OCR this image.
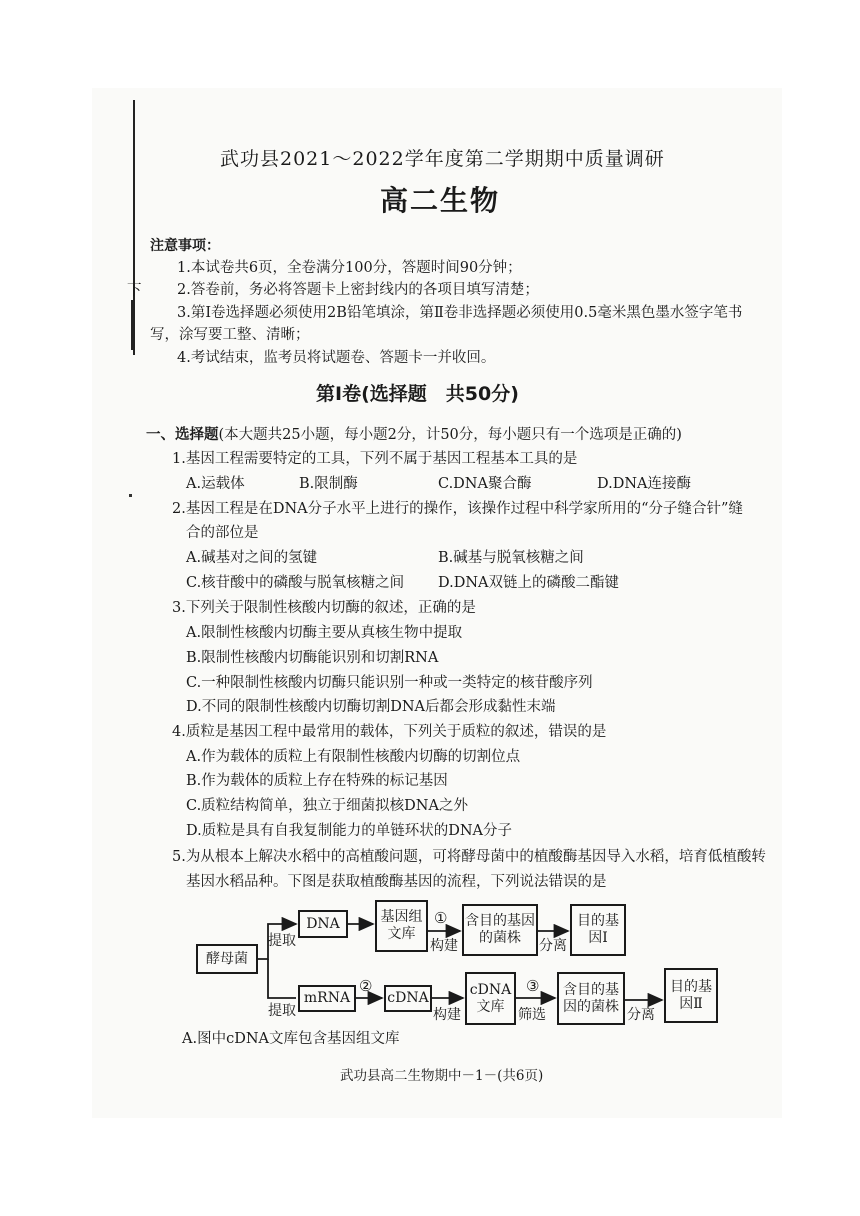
下
武功县2021～2022学年度第二学期期中质量调研
高二生物
注意事项：
1.本试卷共6页，全卷满分100分，答题时间90分钟；
2.答卷前，务必将答题卡上密封线内的各项目填写清楚；
3.第Ⅰ卷选择题必须使用2B铅笔填涂，第Ⅱ卷非选择题必须使用0.5毫米黑色墨水签字笔书
写，涂写要工整、清晰；
4.考试结束，监考员将试题卷、答题卡一并收回。
第Ⅰ卷(选择题　共50分)
一、选择题(本大题共25小题，每小题2分，计50分，每小题只有一个选项是正确的)
1.基因工程需要特定的工具，下列不属于基因工程基本工具的是
A.运载体	B.限制酶	C.DNA聚合酶	D.DNA连接酶
2.基因工程是在DNA分子水平上进行的操作，该操作过程中科学家所用的“分子缝合针”缝
合的部位是
A.碱基对之间的氢键	B.碱基与脱氧核糖之间
C.核苷酸中的磷酸与脱氧核糖之间 D.DNA双链上的磷酸二酯键
3.下列关于限制性核酸内切酶的叙述，正确的是
A.限制性核酸内切酶主要从真核生物中提取
B.限制性核酸内切酶能识别和切割RNA
C.一种限制性核酸内切酶只能识别一种或一类特定的核苷酸序列
D.不同的限制性核酸内切酶切割DNA后都会形成黏性末端
4.质粒是基因工程中最常用的载体，下列关于质粒的叙述，错误的是
A.作为载体的质粒上有限制性核酸内切酶的切割位点
B.作为载体的质粒上存在特殊的标记基因
C.质粒结构简单，独立于细菌拟核DNA之外
D.质粒是具有自我复制能力的单链环状的DNA分子
5.为从根本上解决水稻中的高植酸问题，可将酵母菌中的植酸酶基因导入水稻，培育低植酸转
基因水稻品种。下图是获取植酸酶基因的流程，下列说法错误的是
酵母菌
DNA	基因组文库
含目的基因的菌株
目的基因Ⅰ
mRNA	cDNA
cDNA文库
含目的基因的菌株
目的基因Ⅱ
提取
提取
①
构建	分离
②
构建
③
筛选	分离
A.图中cDNA文库包含基因组文库
武功县高二生物期中－1－(共6页)
